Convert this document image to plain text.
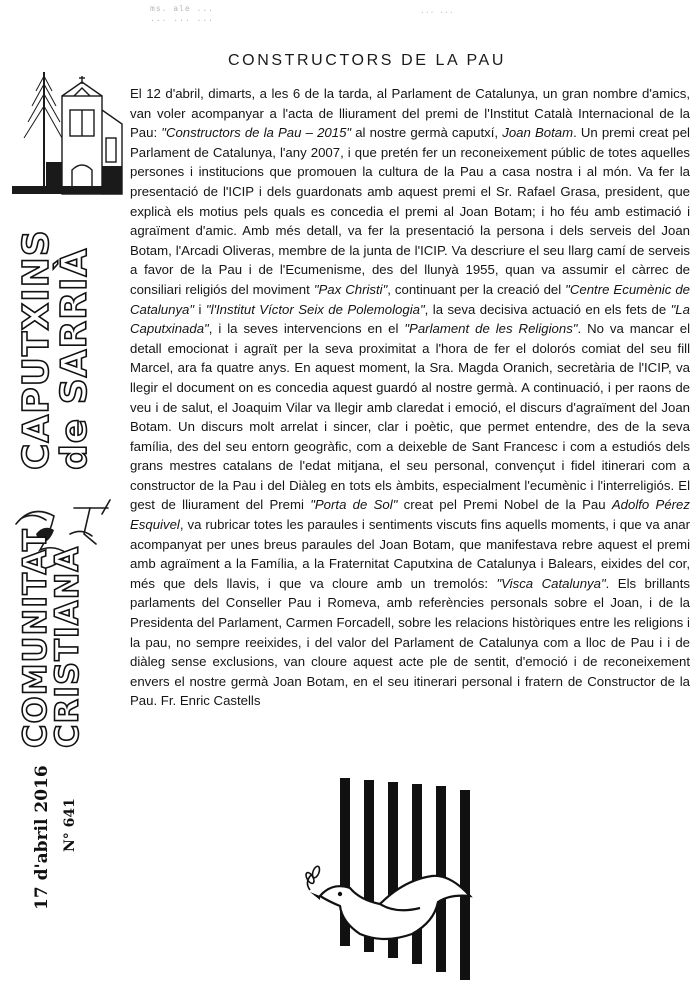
ms. ale ...
... ... ...
... ...
CAPUTXINS
de SARRIÀ
COMUNITAT
CRISTIANA
17 d'abril 2016 N° 641
CONSTRUCTORS DE LA PAU

El 12 d'abril, dimarts, a les 6 de la tarda, al Parlament de Catalunya, un gran nombre d'amics, van voler acompanyar a l'acta de lliurament del premi de l'Institut Català Internacional de la Pau: "Constructors de la Pau – 2015" al nostre germà caputxí, Joan Botam. Un premi creat pel Parlament de Catalunya, l'any 2007, i que pretén fer un reconeixement públic de totes aquelles persones i institucions que promouen la cultura de la Pau a casa nostra i al món. Va fer la presentació de l'ICIP i dels guardonats amb aquest premi el Sr. Rafael Grasa, president, que explicà els motius pels quals es concedia el premi al Joan Botam; i ho féu amb estimació i agraïment d'amic. Amb més detall, va fer la presentació la persona i dels serveis del Joan Botam, l'Arcadi Oliveras, membre de la junta de l'ICIP. Va descriure el seu llarg camí de serveis a favor de la Pau i de l'Ecumenisme, des del llunyà 1955, quan va assumir el càrrec de consiliari religiós del moviment "Pax Christi", continuant per la creació del "Centre Ecumènic de Catalunya" i "l'Institut Víctor Seix de Polemologia", la seva decisiva actuació en els fets de "La Caputxinada", i la seves intervencions en el "Parlament de les Religions". No va mancar el detall emocionat i agraït per la seva proximitat a l'hora de fer el dolorós comiat del seu fill Marcel, ara fa quatre anys. En aquest moment, la Sra. Magda Oranich, secretària de l'ICIP, va llegir el document on es concedia aquest guardó al nostre germà. A continuació, i per raons de veu i de salut, el Joaquim Vilar va llegir amb claredat i emoció, el discurs d'agraïment del Joan Botam. Un discurs molt arrelat i sincer, clar i poètic, que permet entendre, des de la seva família, des del seu entorn geogràfic, com a deixeble de Sant Francesc i com a estudiós dels grans mestres catalans de l'edat mitjana, el seu personal, convençut i fidel itinerari com a constructor de la Pau i del Diàleg en tots els àmbits, especialment l'ecumènic i l'interreligiós. El gest de lliurament del Premi "Porta de Sol" creat pel Premi Nobel de la Pau Adolfo Pérez Esquivel, va rubricar totes les paraules i sentiments viscuts fins aquells moments, i que va anar acompanyat per unes breus paraules del Joan Botam, que manifestava rebre aquest el premi amb agraïment a la Família, a la Fraternitat Caputxina de Catalunya i Balears, eixides del cor, més que dels llavis, i que va cloure amb un tremolós: "Visca Catalunya". Els brillants parlaments del Conseller Pau i Romeva, amb referències personals sobre el Joan, i de la Presidenta del Parlament, Carmen Forcadell, sobre les relacions històriques entre les religions i la pau, no sempre reeixides, i del valor del Parlament de Catalunya com a lloc de Pau i i de diàleg sense exclusions, van cloure aquest acte ple de sentit, d'emoció i de reconeixement envers el nostre germà Joan Botam, en el seu itinerari personal i fratern de Constructor de la Pau. Fr. Enric Castells
